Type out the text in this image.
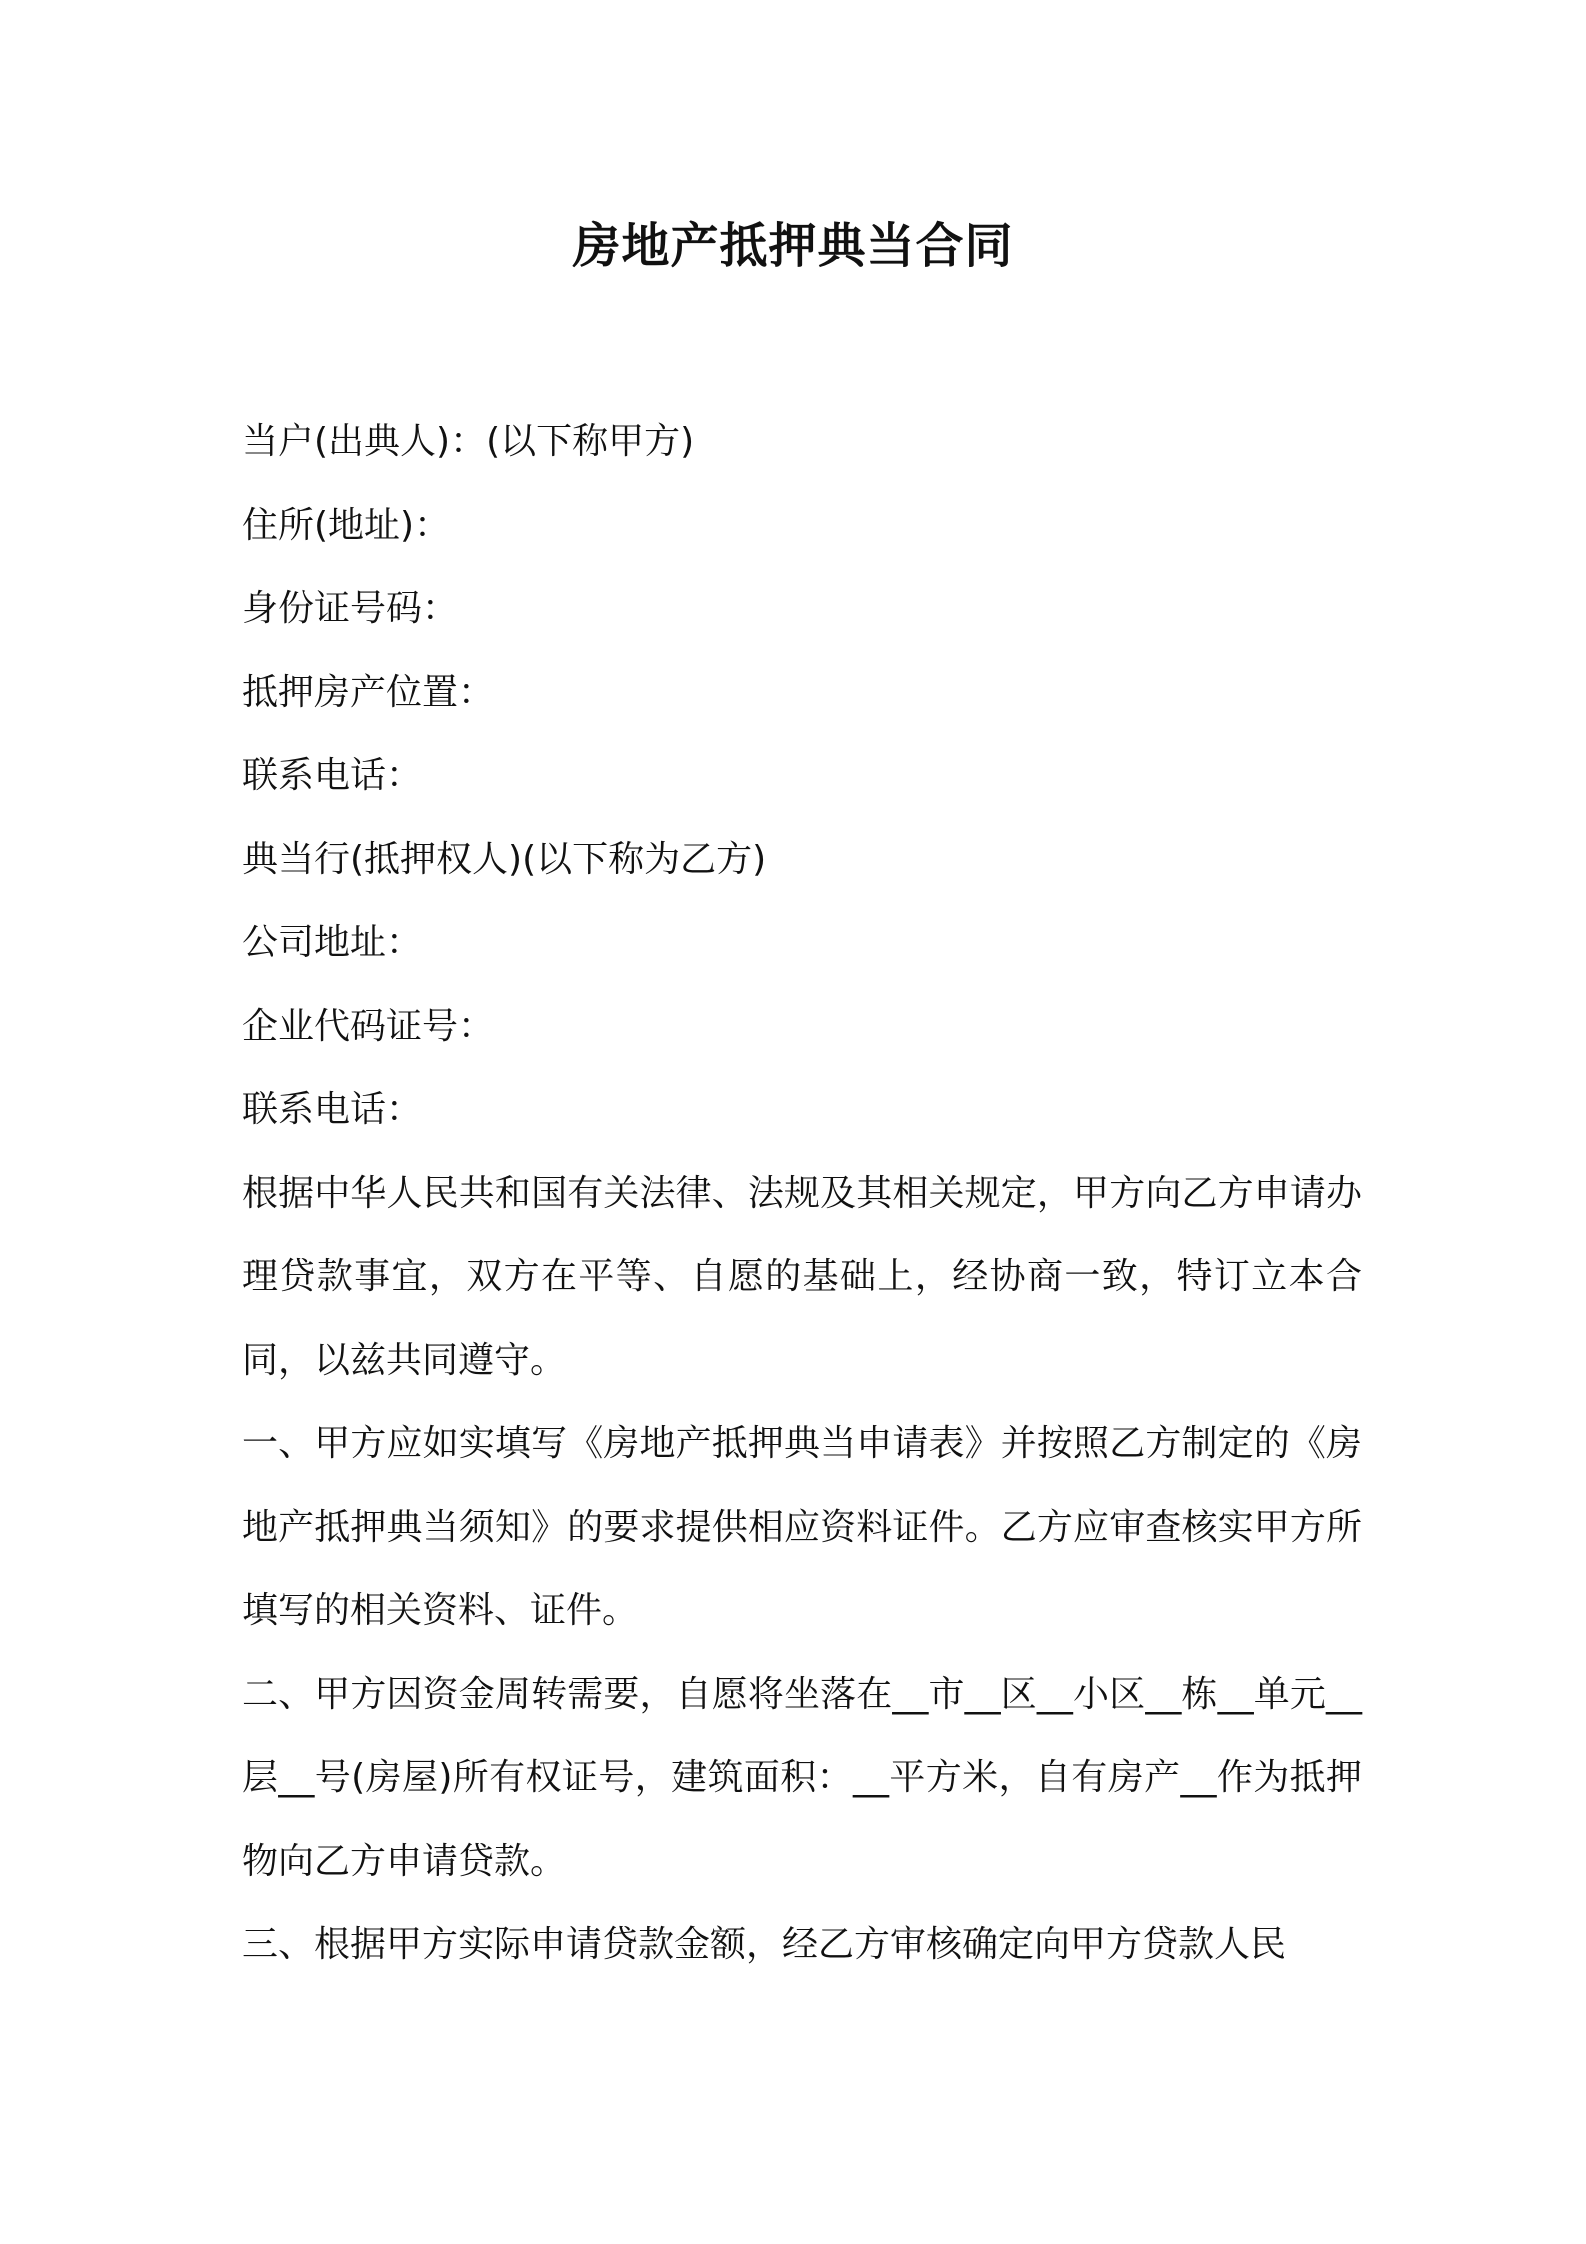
房地产抵押典当合同
当户(出典人)：(以下称甲方)
住所(地址)：
身份证号码：
抵押房产位置：
联系电话：
典当行(抵押权人)(以下称为乙方)
公司地址：
企业代码证号：
联系电话：
根据中华人民共和国有关法律、法规及其相关规定，甲方向乙方申请办理贷款事宜，双方在平等、自愿的基础上，经协商一致，特订立本合同，以兹共同遵守。
一、甲方应如实填写《房地产抵押典当申请表》并按照乙方制定的《房地产抵押典当须知》的要求提供相应资料证件。乙方应审查核实甲方所填写的相关资料、证件。
二、甲方因资金周转需要，自愿将坐落在__市__区__小区__栋__单元__层__号(房屋)所有权证号，建筑面积：__平方米，自有房产__作为抵押物向乙方申请贷款。
三、根据甲方实际申请贷款金额，经乙方审核确定向甲方贷款人民
